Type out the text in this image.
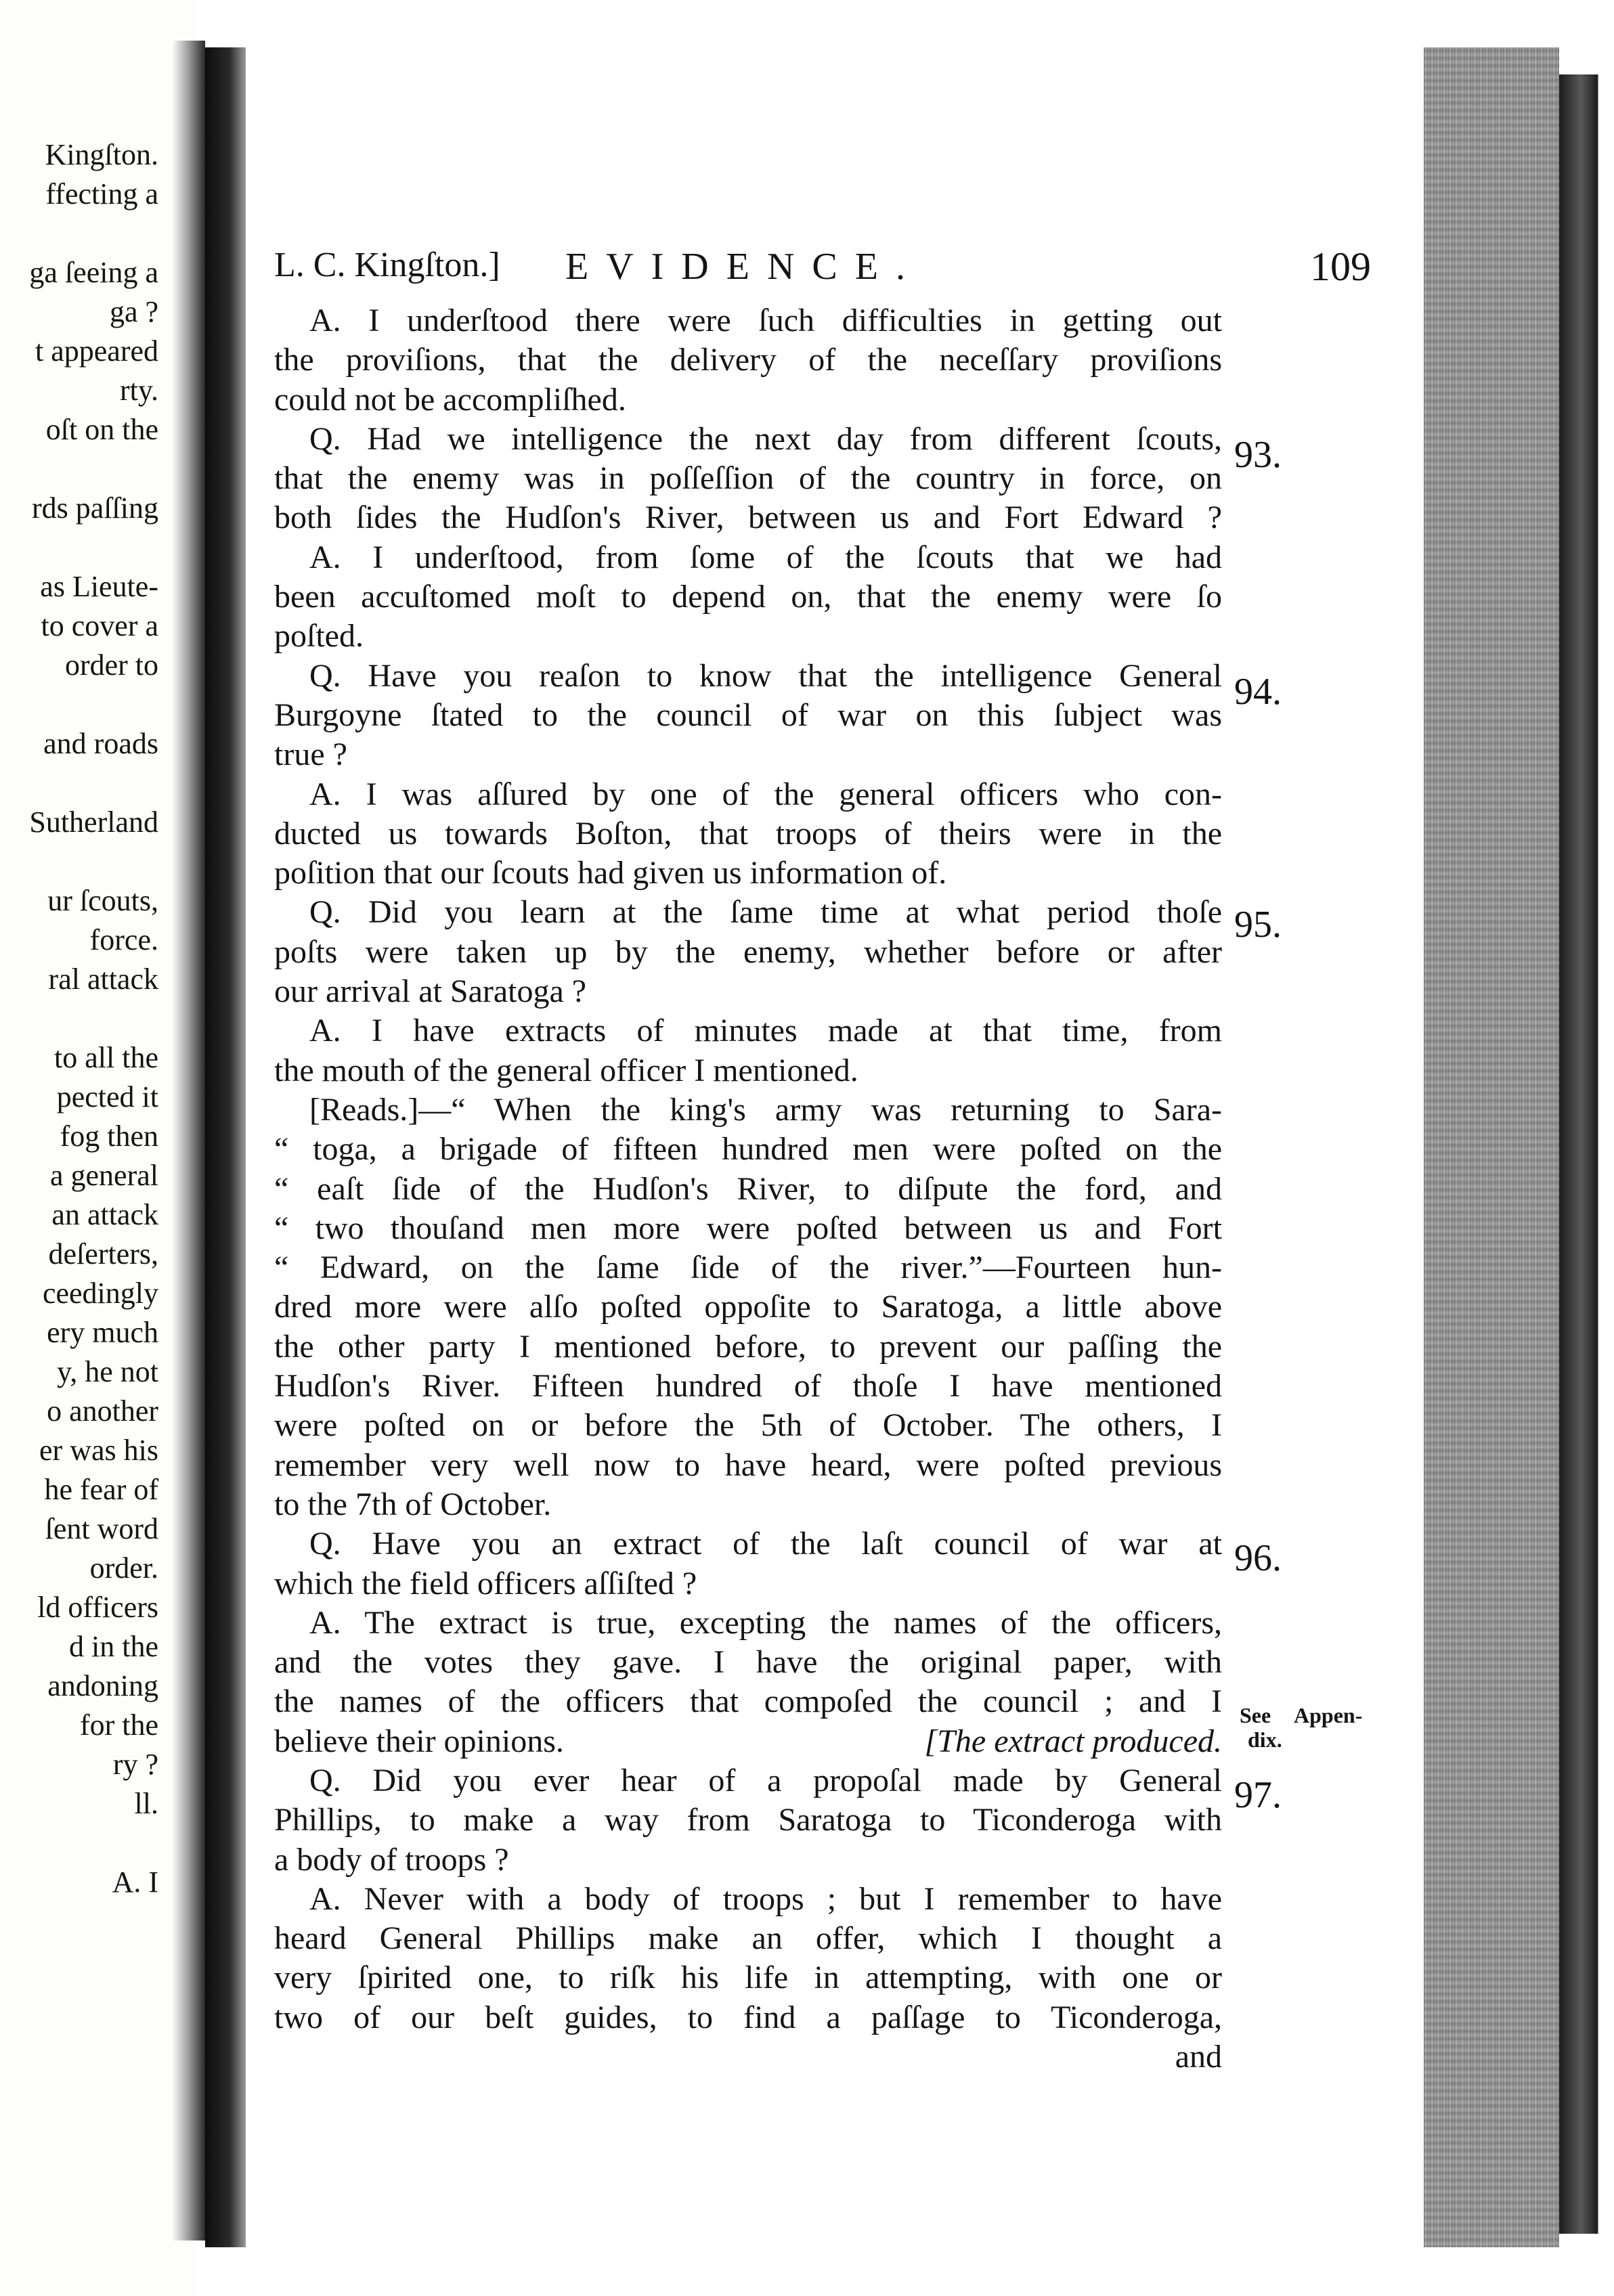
Kingſton.
ffecting a
ga ſeeing a
ga ?
t appeared
rty.
oſt on the
rds paſſing
as Lieute-
to cover a
order to
and roads
Sutherland
ur ſcouts,
force.
ral attack
to all the
pected it
fog then
a general
an attack
deſerters,
ceedingly
ery much
y, he not
o another
er was his
he fear of
ſent word
order.
ld officers
d in the
andoning
for the
ry ?
ll.
A. I
L. C. Kingſton.] EVIDENCE.	109
A. I underſtood there were ſuch difficulties in getting out
the proviſions, that the delivery of the neceſſary proviſions
could not be accompliſhed.
Q. Had we intelligence the next day from different ſcouts,
that the enemy was in poſſeſſion of the country in force, on
both ſides the Hudſon's River, between us and Fort Edward ?
A. I underſtood, from ſome of the ſcouts that we had
been accuſtomed moſt to depend on, that the enemy were ſo
poſted.
Q. Have you reaſon to know that the intelligence General
Burgoyne ſtated to the council of war on this ſubject was
true ?
A. I was aſſured by one of the general officers who con-
ducted us towards Boſton, that troops of theirs were in the
poſition that our ſcouts had given us information of.
Q. Did you learn at the ſame time at what period thoſe
poſts were taken up by the enemy, whether before or after
our arrival at Saratoga ?
A. I have extracts of minutes made at that time, from
the mouth of the general officer I mentioned.
[Reads.]—“ When the king's army was returning to Sara-
“ toga, a brigade of fifteen hundred men were poſted on the
“ eaſt ſide of the Hudſon's River, to diſpute the ford, and
“ two thouſand men more were poſted between us and Fort
“ Edward, on the ſame ſide of the river.”—Fourteen hun-
dred more were alſo poſted oppoſite to Saratoga, a little above
the other party I mentioned before, to prevent our paſſing the
Hudſon's River. Fifteen hundred of thoſe I have mentioned
were poſted on or before the 5th of October. The others, I
remember very well now to have heard, were poſted previous
to the 7th of October.
Q. Have you an extract of the laſt council of war at
which the field officers aſſiſted ?
A. The extract is true, excepting the names of the officers,
and the votes they gave. I have the original paper, with
the names of the officers that compoſed the council ; and I
believe their opinions.	[The extract produced.
Q. Did you ever hear of a propoſal made by General
Phillips, to make a way from Saratoga to Ticonderoga with
a body of troops ?
A. Never with a body of troops ; but I remember to have
heard General Phillips make an offer, which I thought a
very ſpirited one, to riſk his life in attempting, with one or
two of our beſt guides, to find a paſſage to Ticonderoga,
and
93.
94.
95.
96.
See Appen-
dix.
97.
